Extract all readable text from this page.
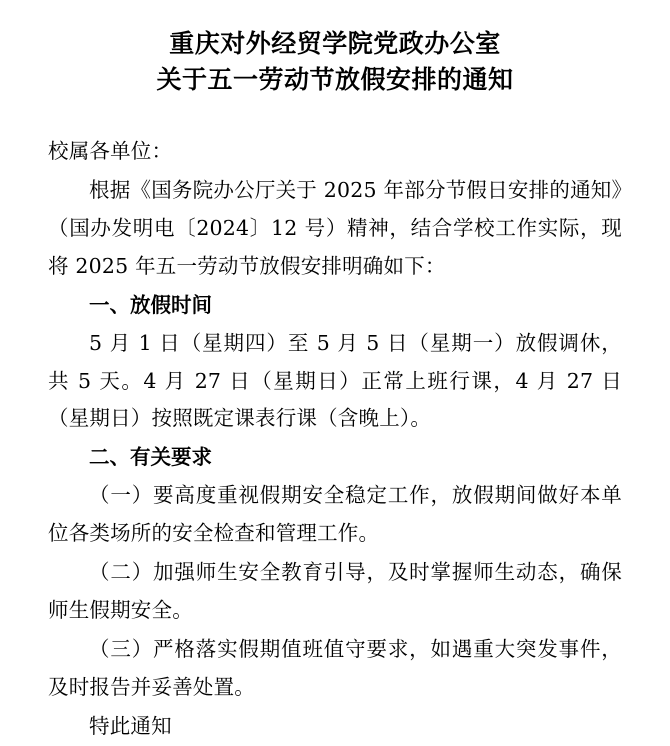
重庆对外经贸学院党政办公室
关于五一劳动节放假安排的通知

校属各单位：

根据《国务院办公厅关于 2025 年部分节假日安排的通知》（国办发明电〔2024〕12 号）精神，结合学校工作实际，现将 2025 年五一劳动节放假安排明确如下：

一、放假时间

5 月 1 日（星期四）至 5 月 5 日（星期一）放假调休，共 5 天。4 月 27 日（星期日）正常上班行课，4 月 27 日（星期日）按照既定课表行课（含晚上）。

二、有关要求

（一）要高度重视假期安全稳定工作，放假期间做好本单位各类场所的安全检查和管理工作。

（二）加强师生安全教育引导，及时掌握师生动态，确保师生假期安全。

（三）严格落实假期值班值守要求，如遇重大突发事件，及时报告并妥善处置。

特此通知
